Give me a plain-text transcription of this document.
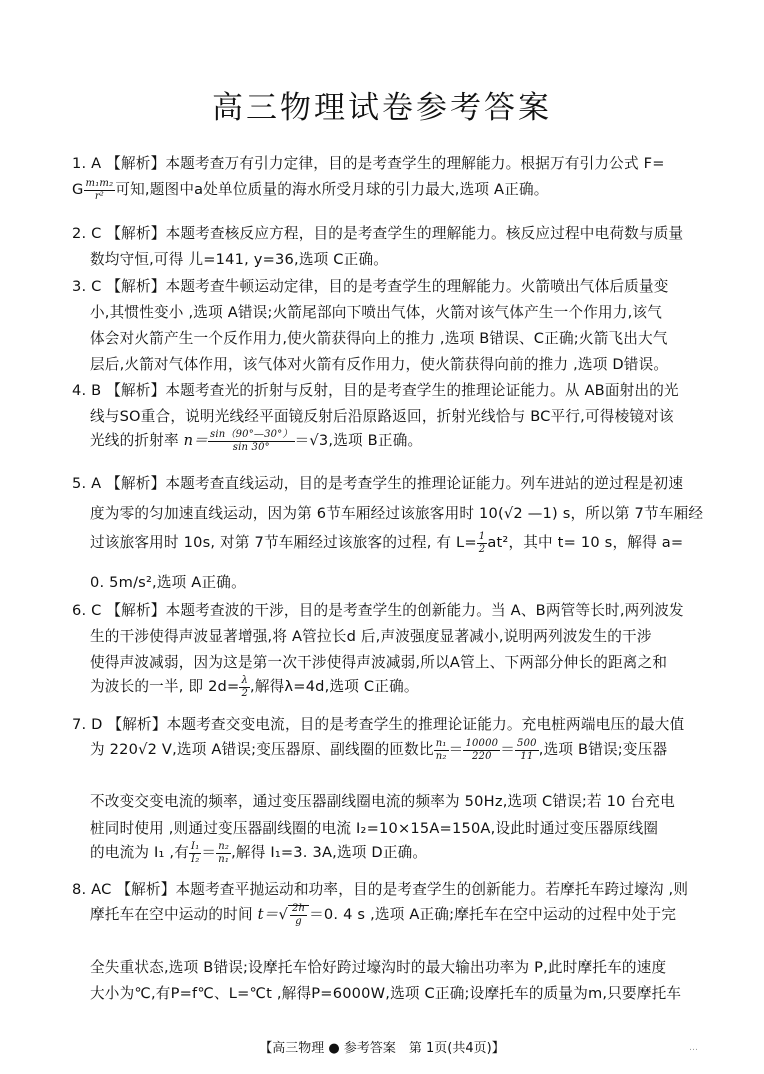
高三物理试卷参考答案
1. A 【解析】本题考查万有引力定律，目的是考查学生的理解能力。根据万有引力公式 F=
G $\frac{\text{m₁m₂}}{\text{r²}}$ 可知,题图中a处单位质量的海水所受月球的引力最大,选项 A正确。
2. C 【解析】本题考查核反应方程，目的是考查学生的理解能力。核反应过程中电荷数与质量
数均守恒,可得 儿=141, y=36,选项 C正确。
3. C 【解析】本题考查牛顿运动定律，目的是考查学生的理解能力。火箭喷出气体后质量变
小,其惯性变小 ,选项 A错误;火箭尾部向下喷出气体，火箭对该气体产生一个作用力,该气
体会对火箭产生一个反作用力,使火箭获得向上的推力 ,选项 B错误、C正确;火箭飞出大气
层后,火箭对气体作用，该气体对火箭有反作用力，使火箭获得向前的推力 ,选项 D错误。
4. B 【解析】本题考查光的折射与反射，目的是考查学生的推理论证能力。从 AB面射出的光
线与SO重合，说明光线经平面镜反射后沿原路返回，折射光线恰与 BC平行,可得棱镜对该
光线的折射率 $n= \frac{\sin(90^\circ—30^\circ)}{\sin 30^\circ} =√3$,选项 B正确。
5. A 【解析】本题考查直线运动，目的是考查学生的推理论证能力。列车进站的逆过程是初速
度为零的匀加速直线运动，因为第 6节车厢经过该旅客用时 10(√2 —1) s，所以第 7节车厢经
过该旅客用时 10s, 对第 7节车厢经过该旅客的过程, 有 $L= \frac{1}{2} at^2$，其中 t= 10 s，解得 a=
0. 5m/s²,选项 A正确。
6. C 【解析】本题考查波的干涉，目的是考查学生的创新能力。当 A、B两管等长时,两列波发
生的干涉使得声波显著增强,将 A管拉长d 后,声波强度显著减小,说明两列波发生的干涉
使得声波减弱，因为这是第一次干涉使得声波减弱,所以A管上、下两部分伸长的距离之和
为波长的一半, 即 $2d= \frac{\lambda}{2}$ ,解得λ=4d,选项 C正确。
7. D 【解析】本题考查交变电流，目的是考查学生的推理论证能力。充电桩两端电压的最大值
为 220√2 V,选项 A错误;变压器原、副线圈的匝数比 $\frac{\text{n₁}}{\text{n₂}} = \frac{10000}{220} = \frac{500}{11}$ ,选项 B错误;变压器
不改变交变电流的频率，通过变压器副线圈电流的频率为 50Hz,选项 C错误;若 10 台充电
桩同时使用 ,则通过变压器副线圈的电流 I₂=10×15A=150A,设此时通过变压器原线圈
的电流为 I₁ ,有 $\frac{\text{I₁}}{\text{I₂}} = \frac{\text{n₂}}{\text{n₁}}$ ,解得 I₁=3. 3A,选项 D正确。
8. AC 【解析】本题考查平抛运动和功率，目的是考查学生的创新能力。若摩托车跨过壕沟 ,则
摩托车在空中运动的时间 $t=√ \frac{2h}{g} =0$. 4 s ,选项 A正确;摩托车在空中运动的过程中处于完
全失重状态,选项 B错误;设摩托车恰好跨过壕沟时的最大输出功率为 P,此时摩托车的速度
大小为℃,有P=f℃、L=℃t ,解得P=6000W,选项 C正确;设摩托车的质量为m,只要摩托车
【高三物理 ● 参考答案　第 1页(共4页)】	…
